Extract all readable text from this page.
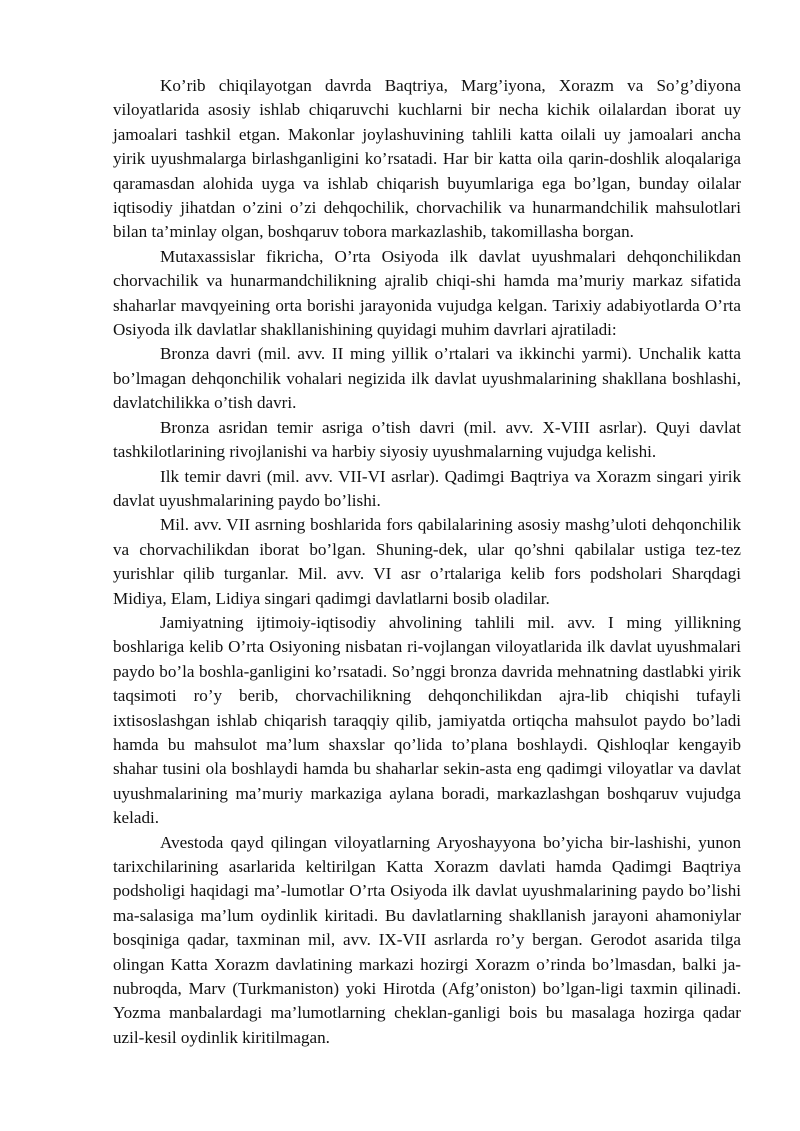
Ko’rib chiqilayotgan davrda Baqtriya, Marg’iyona, Xorazm va So’g’diyona viloyatlarida asosiy ishlab chiqaruvchi kuchlarni bir necha kichik oilalardan iborat uy jamoalari tashkil etgan. Makonlar joylashuvining tahlili katta oilali uy jamoalari ancha yirik uyushmalarga birlashganligini ko’rsatadi. Har bir katta oila qarin-doshlik aloqalariga qaramasdan alohida uyga va ishlab chiqarish buyumlariga ega bo’lgan, bunday oilalar iqtisodiy jihatdan o’zini o’zi dehqochilik, chorvachilik va hunarmandchilik mahsulotlari bilan ta’minlay olgan, boshqaruv tobora markazlashib, takomillasha borgan.

Mutaxassislar fikricha, O’rta Osiyoda ilk davlat uyushmalari dehqonchilikdan chorvachilik va hunarmandchilikning ajralib chiqi-shi hamda ma’muriy markaz sifatida shaharlar mavqyeining orta borishi jarayonida vujudga kelgan. Tarixiy adabiyotlarda O’rta Osiyoda ilk davlatlar shakllanishining quyidagi muhim davrlari ajratiladi:

Bronza davri (mil. avv. II ming yillik o’rtalari va ikkinchi yarmi). Unchalik katta bo’lmagan dehqonchilik vohalari negizida ilk davlat uyushmalarining shakllana boshlashi, davlatchilikka o’tish davri.

Bronza asridan temir asriga o’tish davri (mil. avv. X-VIII asrlar). Quyi davlat tashkilotlarining rivojlanishi va harbiy siyosiy uyushmalarning vujudga kelishi.

Ilk temir davri (mil. avv. VII-VI asrlar). Qadimgi Baqtriya va Xorazm singari yirik davlat uyushmalarining paydo bo’lishi.

Mil. avv. VII asrning boshlarida fors qabilalarining asosiy mashg’uloti dehqonchilik va chorvachilikdan iborat bo’lgan. Shuning-dek, ular qo’shni qabilalar ustiga tez-tez yurishlar qilib turganlar. Mil. avv. VI asr o’rtalariga kelib fors podsholari Sharqdagi Midiya, Elam, Lidiya singari qadimgi davlatlarni bosib oladilar.

Jamiyatning ijtimoiy-iqtisodiy ahvolining tahlili mil. avv. I ming yillikning boshlariga kelib O’rta Osiyoning nisbatan ri-vojlangan viloyatlarida ilk davlat uyushmalari paydo bo’la boshla-ganligini ko’rsatadi. So’nggi bronza davrida mehnatning dastlabki yirik taqsimoti ro’y berib, chorvachilikning dehqonchilikdan ajra-lib chiqishi tufayli ixtisoslashgan ishlab chiqarish taraqqiy qilib, jamiyatda ortiqcha mahsulot paydo bo’ladi hamda bu mahsulot ma’lum shaxslar qo’lida to’plana boshlaydi. Qishloqlar kengayib shahar tusini ola boshlaydi hamda bu shaharlar sekin-asta eng qadimgi viloyatlar va davlat uyushmalarining ma’muriy markaziga aylana boradi, markazlashgan boshqaruv vujudga keladi.

Avestoda qayd qilingan viloyatlarning Aryoshayyona bo’yicha bir-lashishi, yunon tarixchilarining asarlarida keltirilgan Katta Xorazm davlati hamda Qadimgi Baqtriya podsholigi haqidagi ma’-lumotlar O’rta Osiyoda ilk davlat uyushmalarining paydo bo’lishi ma-salasiga ma’lum oydinlik kiritadi. Bu davlatlarning shakllanish jarayoni ahamoniylar bosqiniga qadar, taxminan mil, avv. IX-VII asrlarda ro’y bergan. Gerodot asarida tilga olingan Katta Xorazm davlatining markazi hozirgi Xorazm o’rinda bo’lmasdan, balki ja-nubroqda, Marv (Turkmaniston) yoki Hirotda (Afg’oniston) bo’lgan-ligi taxmin qilinadi. Yozma manbalardagi ma’lumotlarning cheklan-ganligi bois bu masalaga hozirga qadar uzil-kesil oydinlik kiritilmagan.
